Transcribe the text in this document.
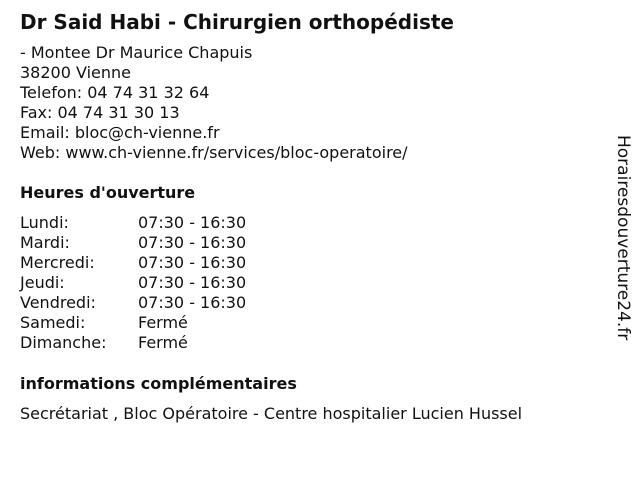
Dr Said Habi - Chirurgien orthopédiste
- Montee Dr Maurice Chapuis
38200 Vienne
Telefon: 04 74 31 32 64
Fax: 04 74 31 30 13
Email: bloc@ch-vienne.fr
Web: www.ch-vienne.fr/services/bloc-operatoire/
Heures d'ouverture
Lundi:	07:30 - 16:30
Mardi:	07:30 - 16:30
Mercredi:	07:30 - 16:30
Jeudi:	07:30 - 16:30
Vendredi:	07:30 - 16:30
Samedi:	Fermé
Dimanche: Fermé
informations complémentaires
Secrétariat , Bloc Opératoire - Centre hospitalier Lucien Hussel
Horairesdouverture24.fr
